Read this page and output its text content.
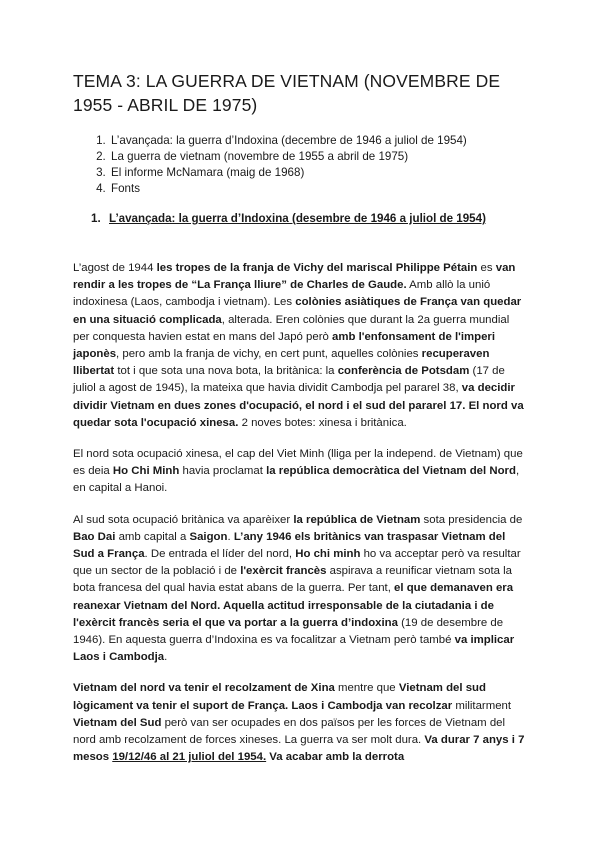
TEMA 3: LA GUERRA DE VIETNAM (NOVEMBRE DE 1955 - ABRIL DE 1975)
1. L’avançada: la guerra d’Indoxina (decembre de 1946 a juliol de 1954)
2. La guerra de vietnam (novembre de 1955 a abril de 1975)
3. El informe McNamara (maig de 1968)
4. Fonts
1. L’avançada: la guerra d’Indoxina (desembre de 1946 a juliol de 1954)

L’agost de 1944 les tropes de la franja de Vichy del mariscal Philippe Pétain es van rendir a les tropes de “La França lliure” de Charles de Gaude. Amb allò la unió indoxinesa (Laos, cambodja i vietnam). Les colònies asiàtiques de França van quedar en una situació complicada, alterada. Eren colònies que durant la 2a guerra mundial per conquesta havien estat en mans del Japó però amb l'enfonsament de l'imperi japonès, pero amb la franja de vichy, en cert punt, aquelles colònies recuperaven llibertat tot i que sota una nova bota, la britànica: la conferència de Potsdam (17 de juliol a agost de 1945), la mateixa que havia dividit Cambodja pel pararel 38, va decidir dividir Vietnam en dues zones d'ocupació, el nord i el sud del pararel 17. El nord va quedar sota l'ocupació xinesa. 2 noves botes: xinesa i britànica.

El nord sota ocupació xinesa, el cap del Viet Minh (lliga per la independ. de Vietnam) que es deia Ho Chi Minh havia proclamat la república democràtica del Vietnam del Nord, en capital a Hanoi.

Al sud sota ocupació britànica va aparèixer la república de Vietnam sota presidencia de Bao Dai amb capital a Saigon. L’any 1946 els britànics van traspasar Vietnam del Sud a França. De entrada el líder del nord, Ho chi minh ho va acceptar però va resultar que un sector de la població i de l'exèrcit francès aspirava a reunificar vietnam sota la bota francesa del qual havia estat abans de la guerra. Per tant, el que demanaven era reanexar Vietnam del Nord. Aquella actitud irresponsable de la ciutadania i de l'exèrcit francès seria el que va portar a la guerra d’indoxina (19 de desembre de 1946). En aquesta guerra d’Indoxina es va focalitzar a Vietnam però també va implicar Laos i Cambodja.

Vietnam del nord va tenir el recolzament de Xina mentre que Vietnam del sud lògicament va tenir el suport de França. Laos i Cambodja van recolzar militarment Vietnam del Sud però van ser ocupades en dos països per les forces de Vietnam del nord amb recolzament de forces xineses. La guerra va ser molt dura. Va durar 7 anys i 7 mesos 19/12/46 al 21 juliol del 1954. Va acabar amb la derrota
